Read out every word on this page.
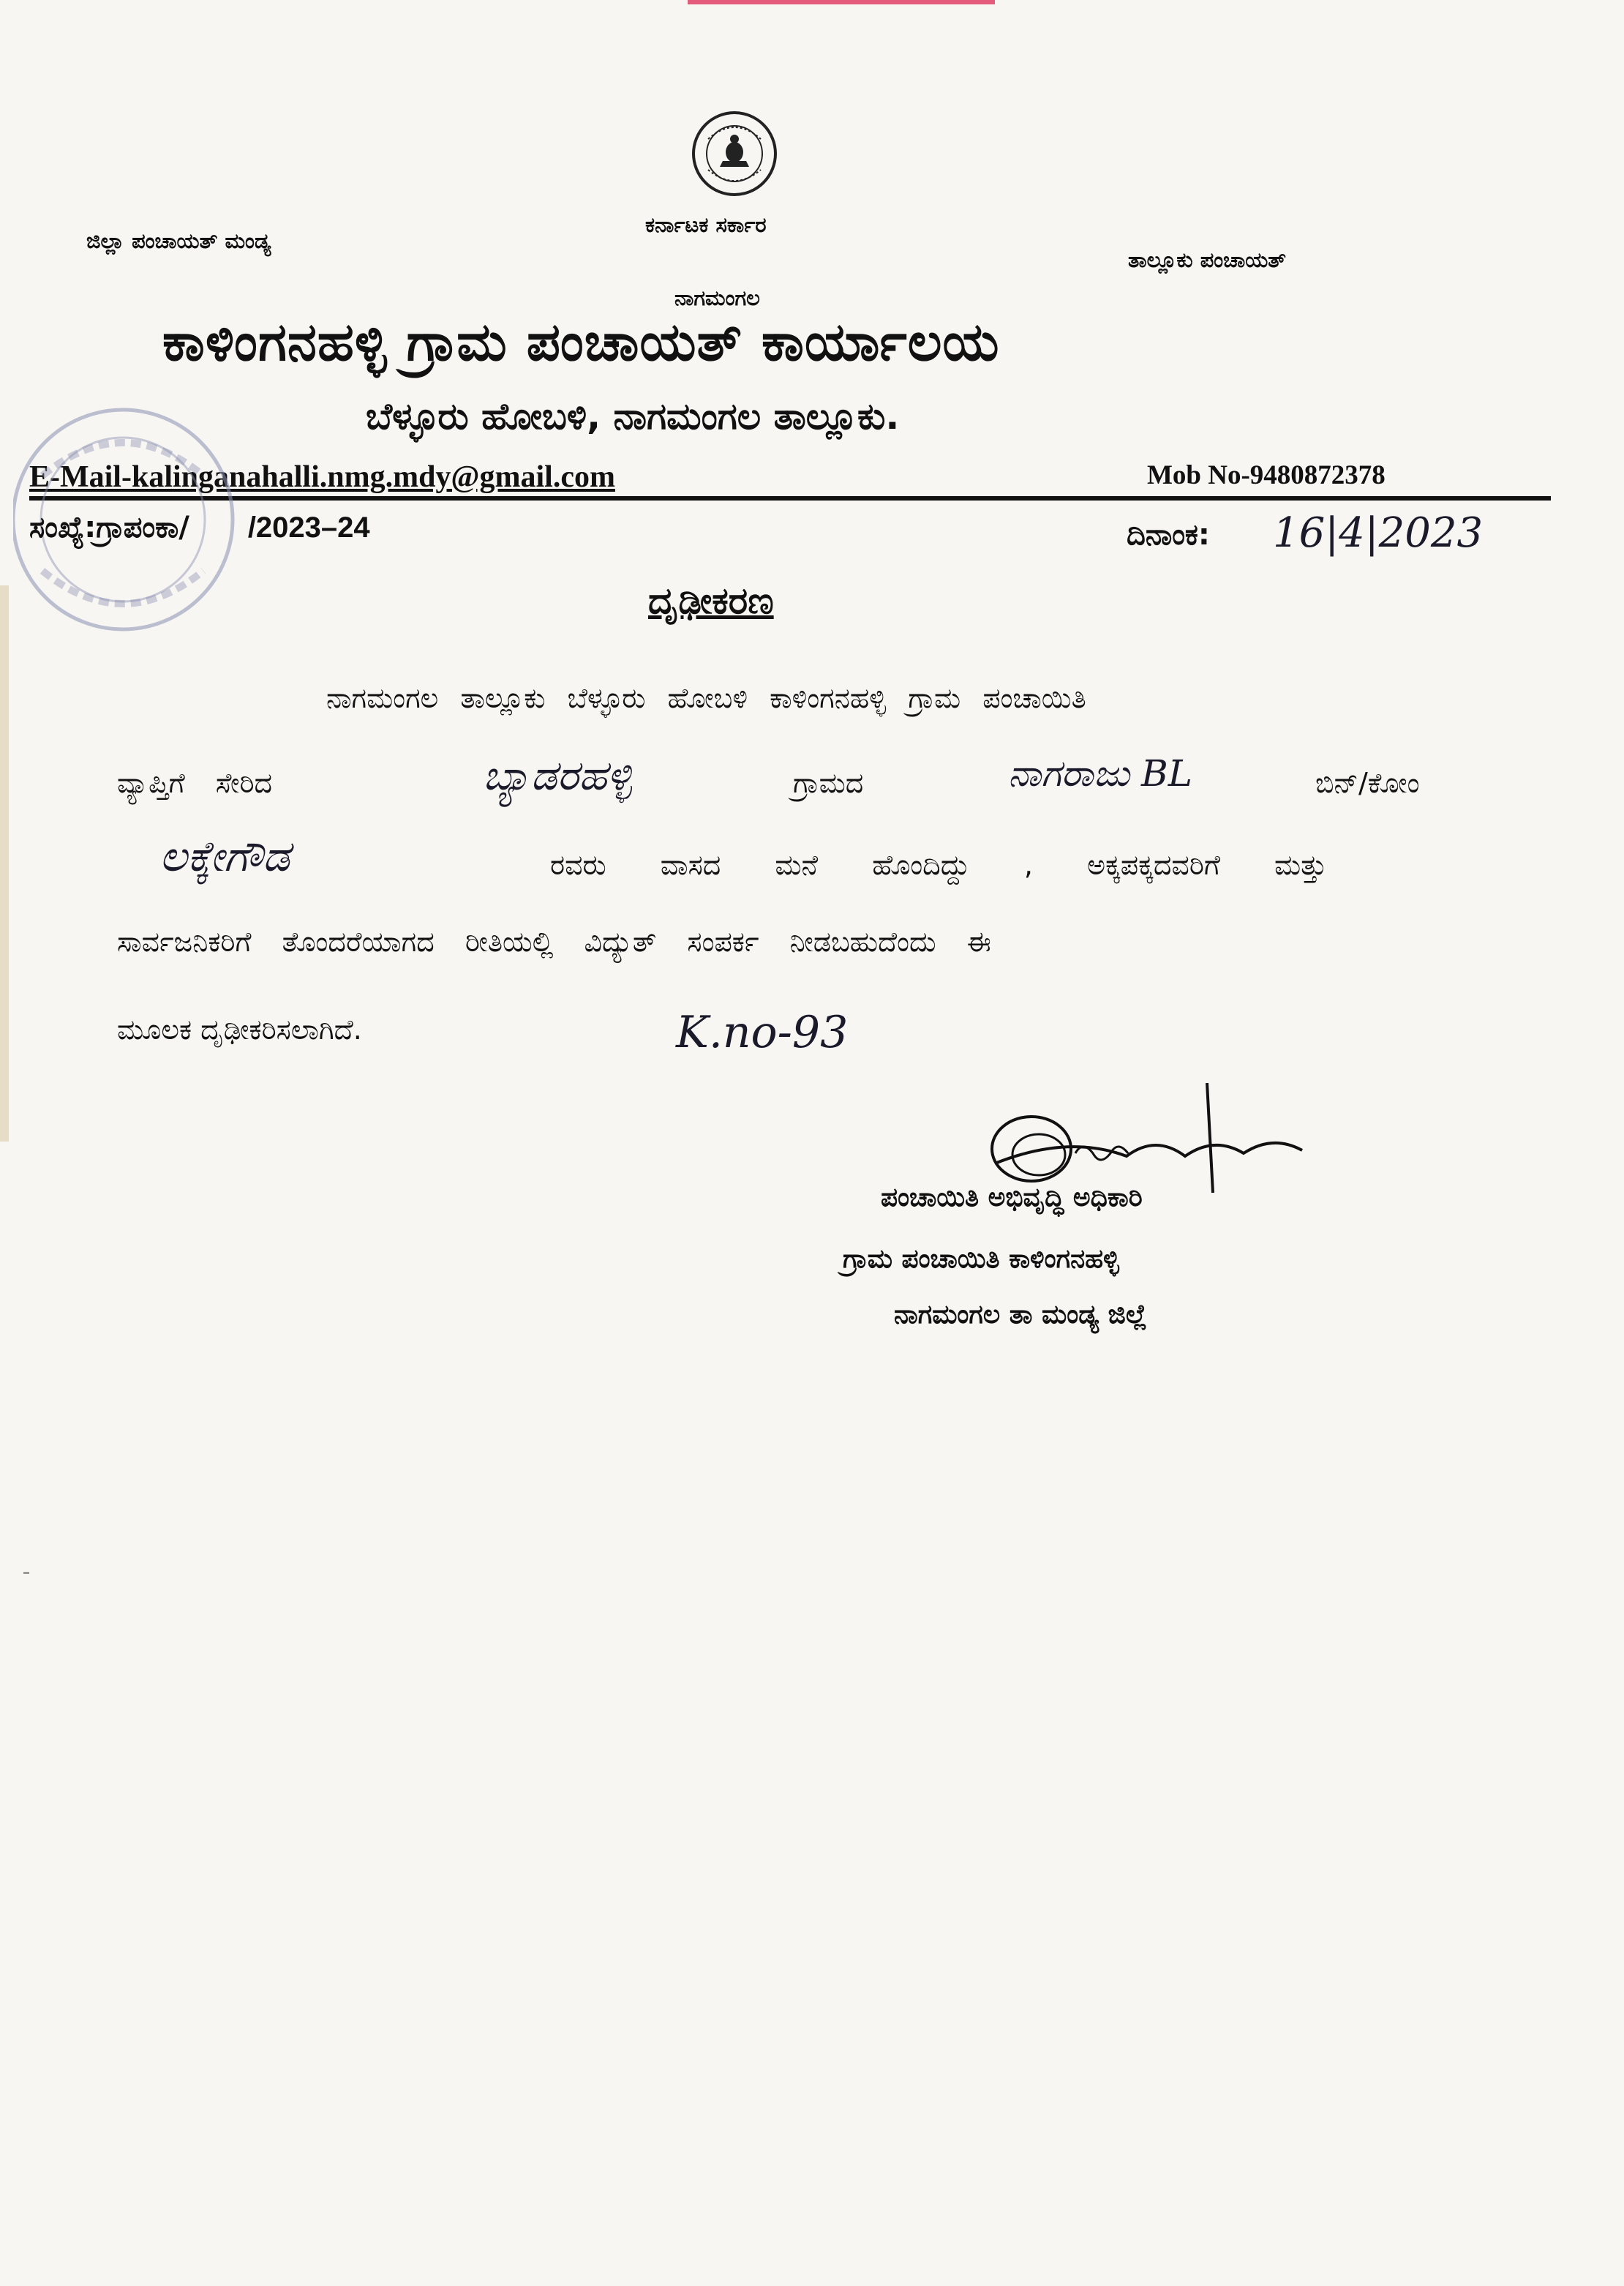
ಕರ್ನಾಟಕ ಸರ್ಕಾರ
ಜಿಲ್ಲಾ ಪಂಚಾಯತ್ ಮಂಡ್ಯ
ತಾಲ್ಲೂಕು ಪಂಚಾಯತ್
ನಾಗಮಂಗಲ
ಕಾಳಿಂಗನಹಳ್ಳಿ ಗ್ರಾಮ ಪಂಚಾಯತ್ ಕಾರ್ಯಾಲಯ
ಬೆಳ್ಳೂರು ಹೋಬಳಿ, ನಾಗಮಂಗಲ ತಾಲ್ಲೂಕು.
E-Mail-kalinganahalli.nmg.mdy@gmail.com	Mob No-9480872378
ಸಂಖ್ಯೆ:ಗ್ರಾಪಂಕಾ/ /2023–24	ದಿನಾಂಕ: 16|4|2023
ದೃಢೀಕರಣ
ನಾಗಮಂಗಲ ತಾಲ್ಲೂಕು ಬೆಳ್ಳೂರು ಹೋಬಳಿ ಕಾಳಿಂಗನಹಳ್ಳಿ ಗ್ರಾಮ ಪಂಚಾಯಿತಿ
ವ್ಯಾಪ್ತಿಗೆ ಸೇರಿದ	ಬ್ಯಾಡರಹಳ್ಳಿ	ಗ್ರಾಮದ	ನಾಗರಾಜು BL	ಬಿನ್/ಕೋಂ
ಲಕ್ಕೇಗೌಡ	ರವರು ವಾಸದ ಮನೆ ಹೊಂದಿದ್ದು , ಅಕ್ಕಪಕ್ಕದವರಿಗೆ ಮತ್ತು
ಸಾರ್ವಜನಿಕರಿಗೆ ತೊಂದರೆಯಾಗದ ರೀತಿಯಲ್ಲಿ ವಿದ್ಯುತ್ ಸಂಪರ್ಕ ನೀಡಬಹುದೆಂದು ಈ
ಮೂಲಕ ದೃಢೀಕರಿಸಲಾಗಿದೆ.	K.no-93
ಪಂಚಾಯಿತಿ ಅಭಿವೃದ್ಧಿ ಅಧಿಕಾರಿ
ಗ್ರಾಮ ಪಂಚಾಯಿತಿ ಕಾಳಿಂಗನಹಳ್ಳಿ
ನಾಗಮಂಗಲ ತಾ ಮಂಡ್ಯ ಜಿಲ್ಲೆ
